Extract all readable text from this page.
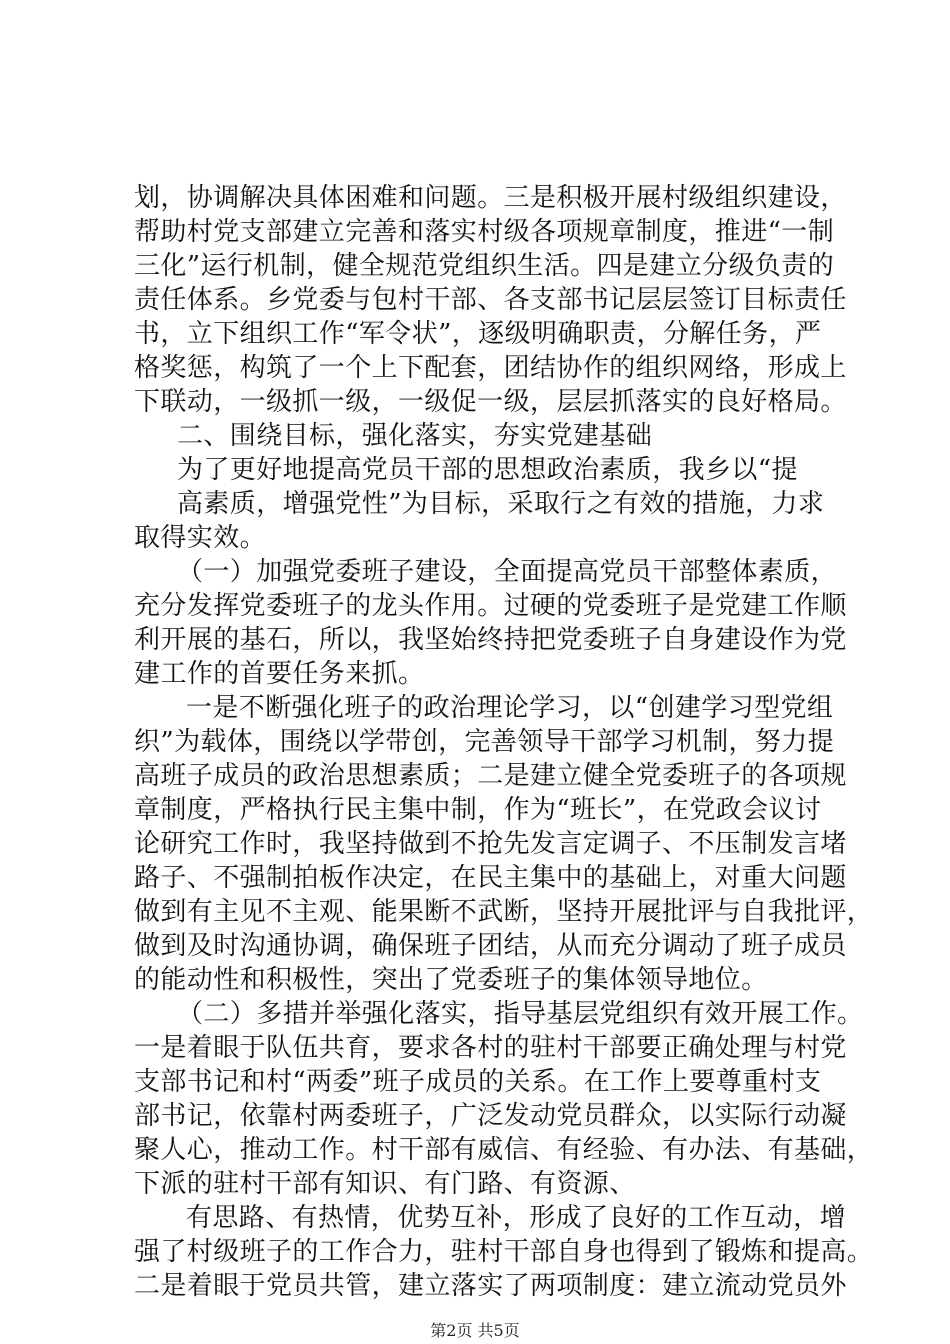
划，协调解决具体困难和问题。三是积极开展村级组织建设，
帮助村党支部建立完善和落实村级各项规章制度，推进“一制
三化”运行机制，健全规范党组织生活。四是建立分级负责的
责任体系。乡党委与包村干部、各支部书记层层签订目标责任
书，立下组织工作“军令状”，逐级明确职责，分解任务，严
格奖惩，构筑了一个上下配套，团结协作的组织网络，形成上
下联动，一级抓一级，一级促一级，层层抓落实的良好格局。
二、围绕目标，强化落实，夯实党建基础
为了更好地提高党员干部的思想政治素质，我乡以“提
高素质，增强党性”为目标，采取行之有效的措施，力求
取得实效。
（一）加强党委班子建设，全面提高党员干部整体素质，
充分发挥党委班子的龙头作用。过硬的党委班子是党建工作顺
利开展的基石，所以，我坚始终持把党委班子自身建设作为党
建工作的首要任务来抓。
一是不断强化班子的政治理论学习，以“创建学习型党组
织”为载体，围绕以学带创，完善领导干部学习机制，努力提
高班子成员的政治思想素质；二是建立健全党委班子的各项规
章制度，严格执行民主集中制，作为“班长”，在党政会议讨
论研究工作时，我坚持做到不抢先发言定调子、不压制发言堵
路子、不强制拍板作决定，在民主集中的基础上，对重大问题
做到有主见不主观、能果断不武断，坚持开展批评与自我批评，
做到及时沟通协调，确保班子团结，从而充分调动了班子成员
的能动性和积极性，突出了党委班子的集体领导地位。
（二）多措并举强化落实，指导基层党组织有效开展工作。
一是着眼于队伍共育，要求各村的驻村干部要正确处理与村党
支部书记和村“两委”班子成员的关系。在工作上要尊重村支
部书记，依靠村两委班子，广泛发动党员群众，以实际行动凝
聚人心，推动工作。村干部有威信、有经验、有办法、有基础，
下派的驻村干部有知识、有门路、有资源、
有思路、有热情，优势互补，形成了良好的工作互动，增
强了村级班子的工作合力，驻村干部自身也得到了锻炼和提高。
二是着眼于党员共管，建立落实了两项制度：建立流动党员外
第2页 共5页
